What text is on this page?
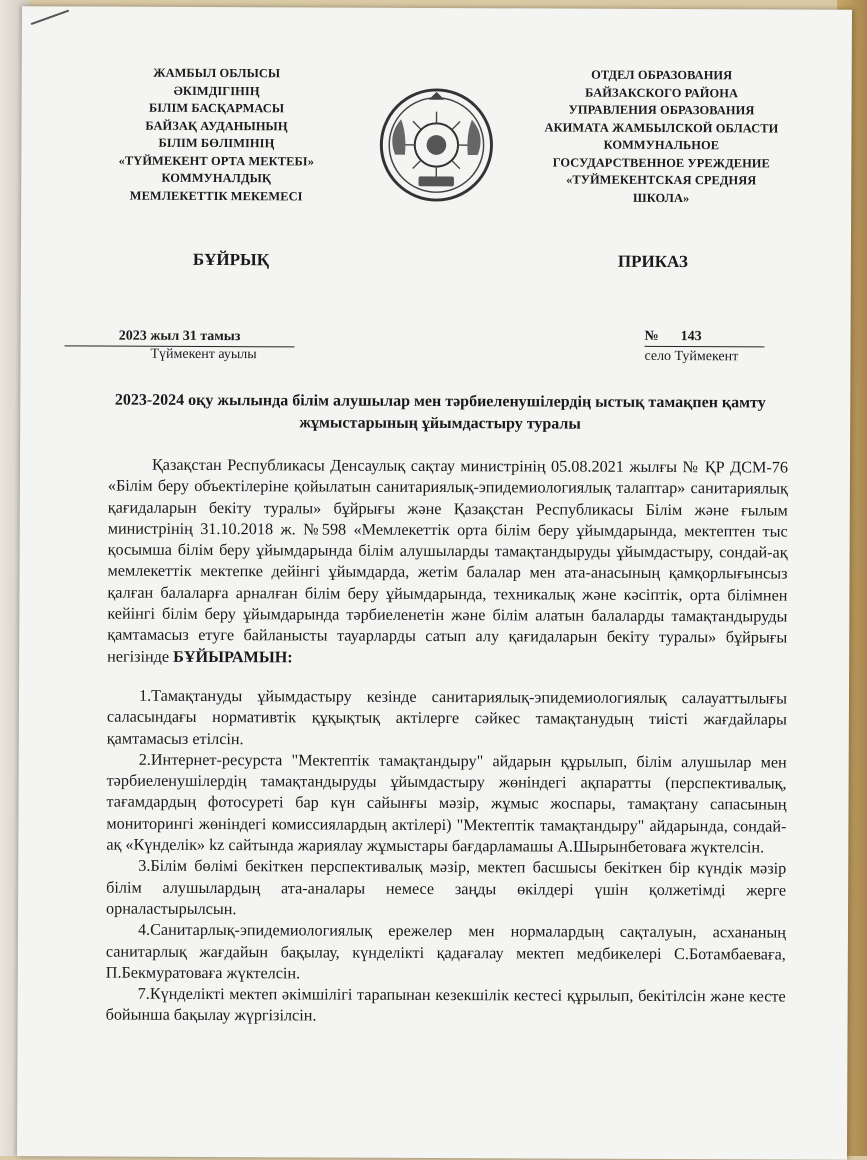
ЖАМБЫЛ ОБЛЫСЫ
ӘКІМДІГІНІҢ
БІЛІМ БАСҚАРМАСЫ
БАЙЗАҚ АУДАНЫНЫҢ
БІЛІМ БӨЛІМІНІҢ
«ТҮЙМЕКЕНТ ОРТА МЕКТЕБІ»
КОММУНАЛДЫҚ
МЕМЛЕКЕТТІК МЕКЕМЕСІ
ОТДЕЛ ОБРАЗОВАНИЯ
БАЙЗАКСКОГО РАЙОНА
УПРАВЛЕНИЯ ОБРАЗОВАНИЯ
АКИМАТА ЖАМБЫЛСКОЙ ОБЛАСТИ
КОММУНАЛЬНОЕ
ГОСУДАРСТВЕННОЕ УРЕЖДЕНИЕ
«ТУЙМЕКЕНТСКАЯ СРЕДНЯЯ
ШКОЛА»
БҰЙРЫҚ	ПРИКАЗ
2023 жыл 31 тамыз
Түймекент ауылы
№ 143
село Туймекент
2023-2024 оқу жылында білім алушылар мен тәрбиеленушілердің ыстық тамақпен қамту жұмыстарының ұйымдастыру туралы

Қазақстан Республикасы Денсаулық сақтау министрінің 05.08.2021 жылғы № ҚР ДСМ-76 «Білім беру объектілеріне қойылатын санитариялық-эпидемиологиялық талаптар» санитариялық қағидаларын бекіту туралы» бұйрығы және Қазақстан Республикасы Білім және ғылым министрінің 31.10.2018 ж. №598 «Мемлекеттік орта білім беру ұйымдарында, мектептен тыс қосымша білім беру ұйымдарында білім алушыларды тамақтандыруды ұйымдастыру, сондай-ақ мемлекеттік мектепке дейінгі ұйымдарда, жетім балалар мен ата-анасының қамқорлығынсыз қалған балаларға арналған білім беру ұйымдарында, техникалық және кәсіптік, орта білімнен кейінгі білім беру ұйымдарында тәрбиеленетін және білім алатын балаларды тамақтандыруды қамтамасыз етуге байланысты тауарларды сатып алу қағидаларын бекіту туралы» бұйрығы негізінде БҰЙЫРАМЫН:

1.Тамақтануды ұйымдастыру кезінде санитариялық-эпидемиологиялық салауаттылығы саласындағы нормативтік құқықтық актілерге сәйкес тамақтанудың тиісті жағдайлары қамтамасыз етілсін.

2.Интернет-ресурста "Мектептік тамақтандыру" айдарын құрылып, білім алушылар мен тәрбиеленушілердің тамақтандыруды ұйымдастыру жөніндегі ақпаратты (перспективалық, тағамдардың фотосуреті бар күн сайынғы мәзір, жұмыс жоспары, тамақтану сапасының мониторингі жөніндегі комиссиялардың актілері) "Мектептік тамақтандыру" айдарында, сондай-ақ «Күнделік» kz сайтында жариялау жұмыстары бағдарламашы А.Шырынбетоваға жүктелсін.

3.Білім бөлімі бекіткен перспективалық мәзір, мектеп басшысы бекіткен бір күндік мәзір білім алушылардың ата-аналары немесе заңды өкілдері үшін қолжетімді жерге орналастырылсын.

4.Санитарлық-эпидемиологиялық ережелер мен нормалардың сақталуын, асхананың санитарлық жағдайын бақылау, күнделікті қадағалау мектеп медбикелері С.Ботамбаеваға, П.Бекмуратоваға жүктелсін.

7.Күнделікті мектеп әкімшілігі тарапынан кезекшілік кестесі құрылып, бекітілсін және кесте бойынша бақылау жүргізілсін.
